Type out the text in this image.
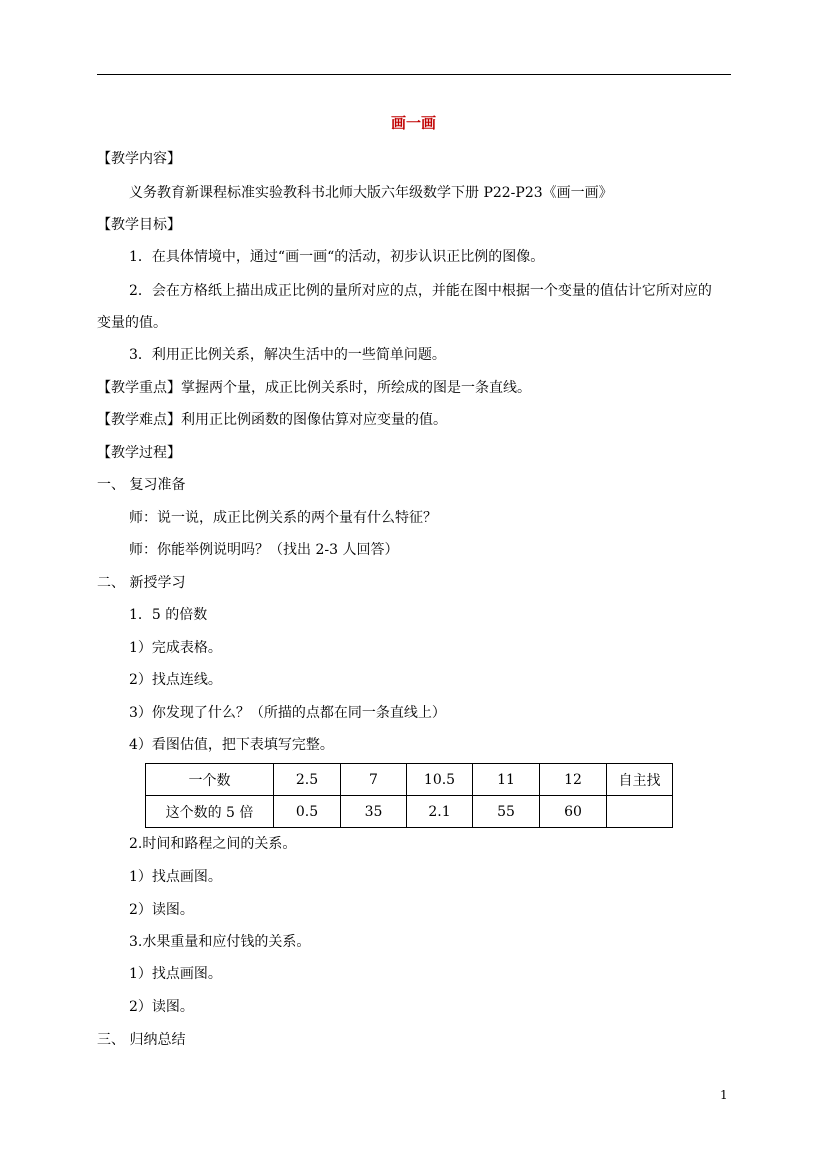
画一画
【教学内容】
义务教育新课程标准实验教科书北师大版六年级数学下册 P22-P23《画一画》
【教学目标】
1．在具体情境中，通过“画一画“的活动，初步认识正比例的图像。
2．会在方格纸上描出成正比例的量所对应的点，并能在图中根据一个变量的值估计它所对应的
变量的值。
3．利用正比例关系，解决生活中的一些简单问题。
【教学重点】掌握两个量，成正比例关系时，所绘成的图是一条直线。
【教学难点】利用正比例函数的图像估算对应变量的值。
【教学过程】
一、 复习准备
师：说一说，成正比例关系的两个量有什么特征？
师：你能举例说明吗？（找出 2-3 人回答）
二、 新授学习
1．5 的倍数
1）完成表格。
2）找点连线。
3）你发现了什么？（所描的点都在同一条直线上）
4）看图估值，把下表填写完整。
一个数	2.5	7	10.5	11	12	自主找
这个数的 5 倍	0.5	35	2.1	55	60	
2.时间和路程之间的关系。
1）找点画图。
2）读图。
3.水果重量和应付钱的关系。
1）找点画图。
2）读图。
三、 归纳总结
1
